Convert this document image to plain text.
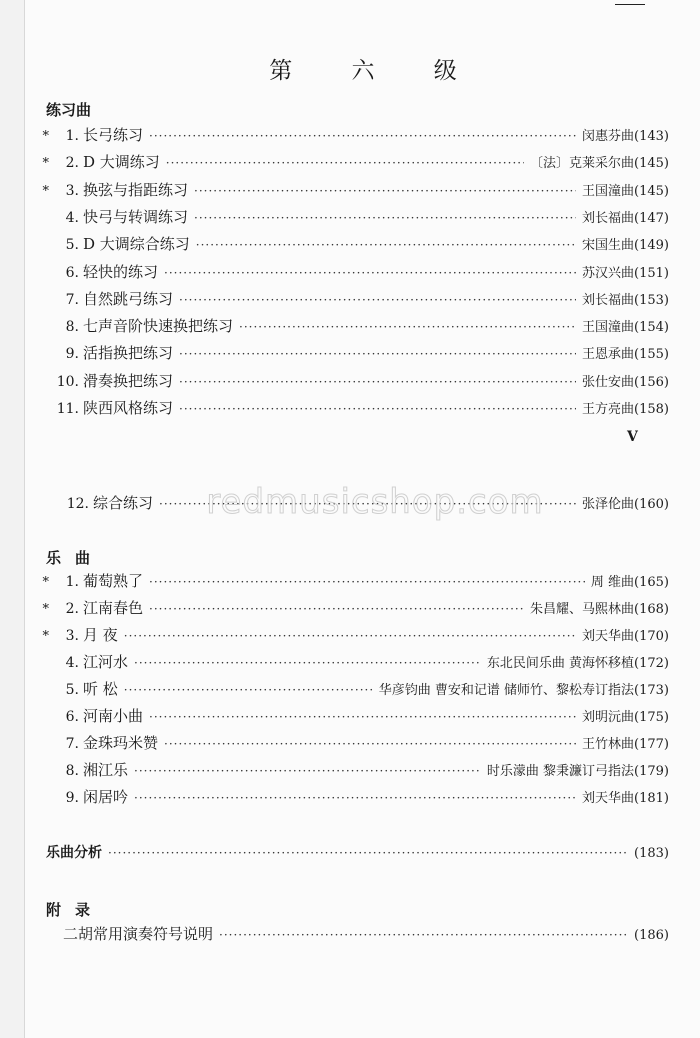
第 六 级
练习曲
*	1. 长弓练习 ·····	闵惠芬曲(143)
*	2. D 大调练习 ·····	〔法〕克莱采尔曲(145)
*	3. 换弦与指距练习 ·····	王国潼曲(145)
4. 快弓与转调练习 ·····	刘长福曲(147)
5. D 大调综合练习 ·····	宋国生曲(149)
6. 轻快的练习 ·····	苏汉兴曲(151)
7. 自然跳弓练习 ·····	刘长福曲(153)
8. 七声音阶快速换把练习 ·····	王国潼曲(154)
9. 活指换把练习 ·····	王恩承曲(155)
10. 滑奏换把练习 ·····	张仕安曲(156)
11. 陕西风格练习 ·····	王方亮曲(158)
V
12. 综合练习 ·····	张泽伦曲(160)
redmusicshop.com
乐曲
*	1. 葡萄熟了 ·····	周 维曲(165)
*	2. 江南春色 ·····	朱昌耀、马熙林曲(168)
*	3. 月 夜 ·····	刘天华曲(170)
4. 江河水 ·····	东北民间乐曲 黄海怀移植(172)
5. 听 松 ·····	华彦钧曲 曹安和记谱 储师竹、黎松寿订指法(173)
6. 河南小曲 ·····	刘明沅曲(175)
7. 金珠玛米赞 ·····	王竹林曲(177)
8. 湘江乐 ·····	时乐濛曲 黎秉濂订弓指法(179)
9. 闲居吟 ·····	刘天华曲(181)
乐曲分析 ·····	(183)
附录
二胡常用演奏符号说明 ·····	(186)
